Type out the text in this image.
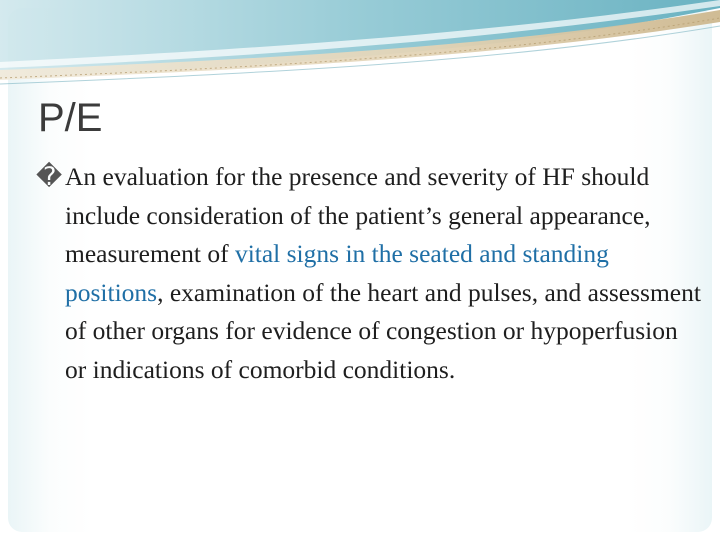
P/E
� An evaluation for the presence and severity of HF should include consideration of the patient’s general appearance, measurement of vital signs in the seated and standing positions, examination of the heart and pulses, and assessment of other organs for evidence of congestion or hypoperfusion or indications of comorbid conditions.
